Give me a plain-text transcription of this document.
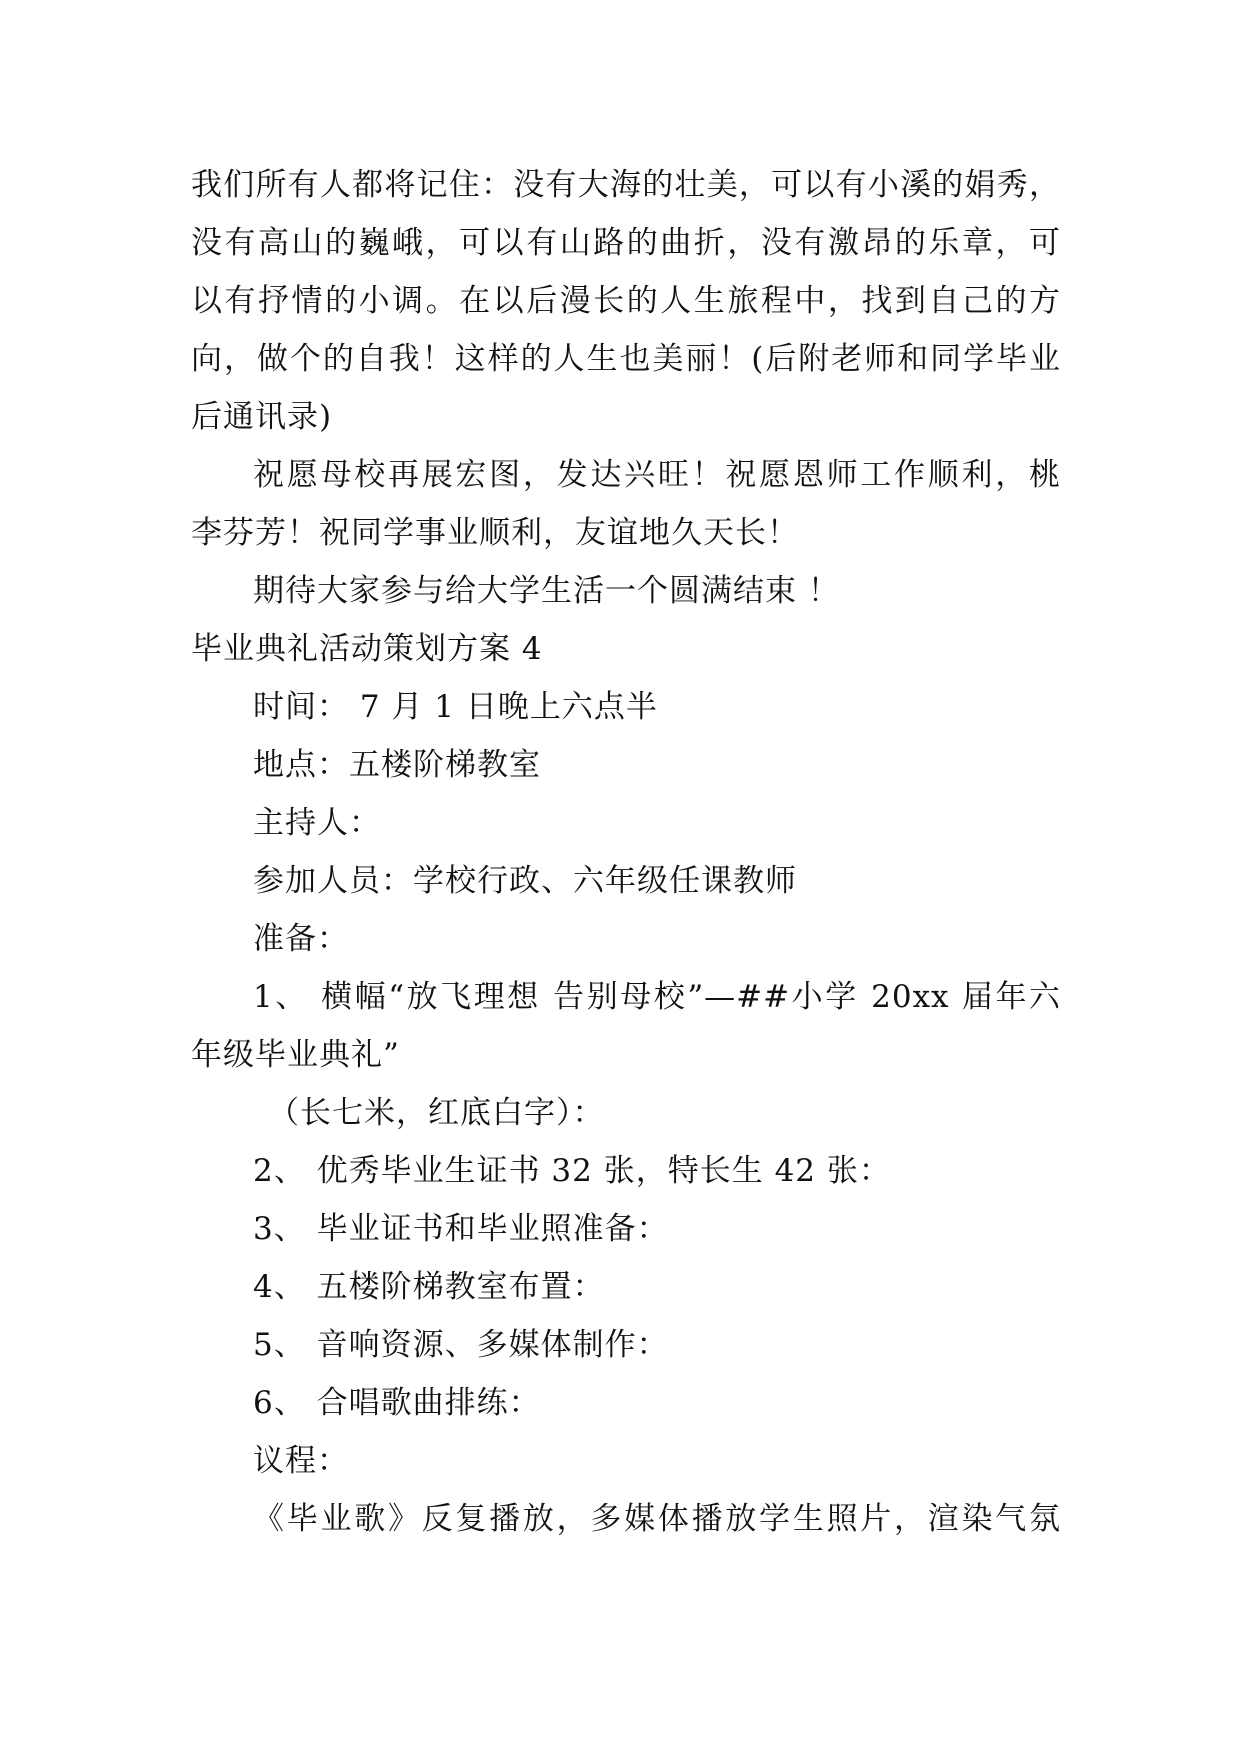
我们所有人都将记住：没有大海的壮美，可以有小溪的娟秀，
没有高山的巍峨，可以有山路的曲折，没有激昂的乐章，可
以有抒情的小调。在以后漫长的人生旅程中，找到自己的方
向，做个的自我！这样的人生也美丽！(后附老师和同学毕业
后通讯录)
祝愿母校再展宏图，发达兴旺！祝愿恩师工作顺利，桃
李芬芳！祝同学事业顺利，友谊地久天长！
期待大家参与给大学生活一个圆满结束 ！
毕业典礼活动策划方案 4
时间： 7 月 1 日晚上六点半
地点：五楼阶梯教室
主持人：
参加人员：学校行政、六年级任课教师
准备：
1、 横幅“放飞理想 告别母校”—##小学 20xx 届年六
年级毕业典礼”
（长七米，红底白字）：
2、 优秀毕业生证书 32 张，特长生 42 张：
3、 毕业证书和毕业照准备：
4、 五楼阶梯教室布置：
5、 音响资源、多媒体制作：
6、 合唱歌曲排练：
议程：
《毕业歌》反复播放，多媒体播放学生照片，渲染气氛
